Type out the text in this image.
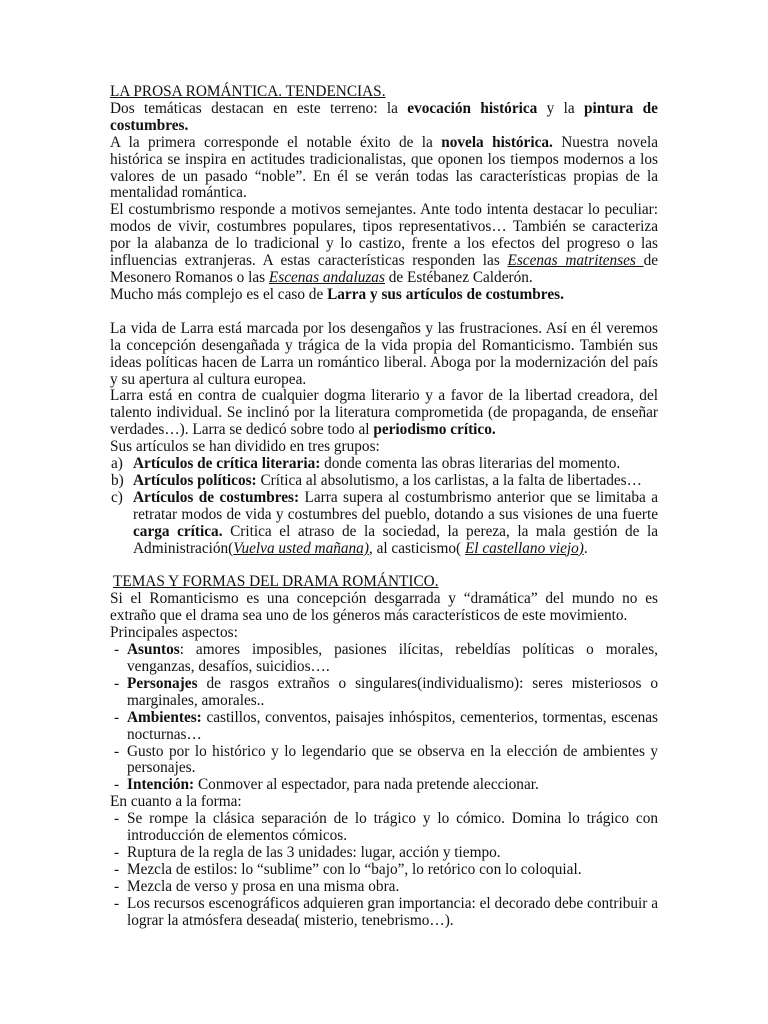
LA PROSA ROMÁNTICA. TENDENCIAS.
Dos temáticas destacan en este terreno: la evocación histórica y la pintura de costumbres.
A la primera corresponde el notable éxito de la novela histórica. Nuestra novela histórica se inspira en actitudes tradicionalistas, que oponen los tiempos modernos a los valores de un pasado “noble”. En él se verán todas las características propias de la mentalidad romántica.
El costumbrismo responde a motivos semejantes. Ante todo intenta destacar lo peculiar: modos de vivir, costumbres populares, tipos representativos… También se caracteriza por la alabanza de lo tradicional y lo castizo, frente a los efectos del progreso o las influencias extranjeras. A estas características responden las Escenas matritenses de Mesonero Romanos o las Escenas andaluzas de Estébanez Calderón.
Mucho más complejo es el caso de Larra y sus artículos de costumbres.
La vida de Larra está marcada por los desengaños y las frustraciones. Así en él veremos la concepción desengañada y trágica de la vida propia del Romanticismo. También sus ideas políticas hacen de Larra un romántico liberal. Aboga por la modernización del país y su apertura al cultura europea.
Larra está en contra de cualquier dogma literario y a favor de la libertad creadora, del talento individual. Se inclinó por la literatura comprometida (de propaganda, de enseñar verdades…). Larra se dedicó sobre todo al periodismo crítico.
Sus artículos se han dividido en tres grupos:
a) Artículos de crítica literaria: donde comenta las obras literarias del momento.
b) Artículos políticos: Crítica al absolutismo, a los carlistas, a la falta de libertades…
c) Artículos de costumbres: Larra supera al costumbrismo anterior que se limitaba a retratar modos de vida y costumbres del pueblo, dotando a sus visiones de una fuerte carga crítica. Critica el atraso de la sociedad, la pereza, la mala gestión de la Administración(Vuelva usted mañana), al casticismo( El castellano viejo).
TEMAS Y FORMAS DEL DRAMA ROMÁNTICO.
Si el Romanticismo es una concepción desgarrada y “dramática” del mundo no es extraño que el drama sea uno de los géneros más característicos de este movimiento.
Principales aspectos:
- Asuntos: amores imposibles, pasiones ilícitas, rebeldías políticas o morales, venganzas, desafíos, suicidios….
- Personajes de rasgos extraños o singulares(individualismo): seres misteriosos o marginales, amorales..
- Ambientes: castillos, conventos, paisajes inhóspitos, cementerios, tormentas, escenas nocturnas…
- Gusto por lo histórico y lo legendario que se observa en la elección de ambientes y personajes.
- Intención: Conmover al espectador, para nada pretende aleccionar.
En cuanto a la forma:
- Se rompe la clásica separación de lo trágico y lo cómico. Domina lo trágico con introducción de elementos cómicos.
- Ruptura de la regla de las 3 unidades: lugar, acción y tiempo.
- Mezcla de estilos: lo “sublime” con lo “bajo”, lo retórico con lo coloquial.
- Mezcla de verso y prosa en una misma obra.
- Los recursos escenográficos adquieren gran importancia: el decorado debe contribuir a lograr la atmósfera deseada( misterio, tenebrismo…).
